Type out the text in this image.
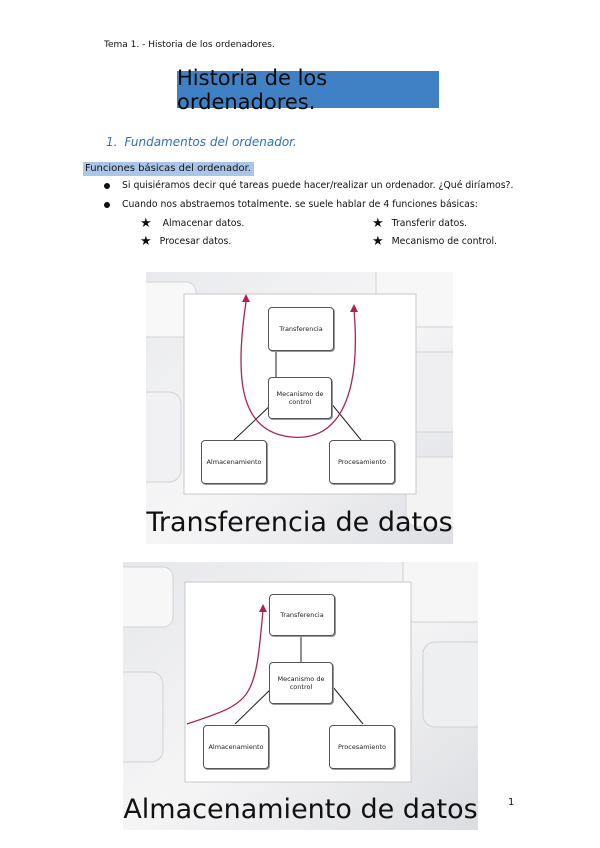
Tema 1. - Historia de los ordenadores.
Historia de los ordenadores.
1. Fundamentos del ordenador.
Funciones básicas del ordenador.
Si quisiéramos decir qué tareas puede hacer/realizar un ordenador. ¿Qué diríamos?.
Cuando nos abstraemos totalmente. se suele hablar de 4 funciones básicas:
★ Almacenar datos.	★ Transferir datos.
★ Procesar datos.	★ Mecanismo de control.
Transferencia
Mecanismo de control
Almacenamiento	Procesamiento
Transferencia de datos
Transferencia
Mecanismo de control
Almacenamiento	Procesamiento
Almacenamiento de datos	1
